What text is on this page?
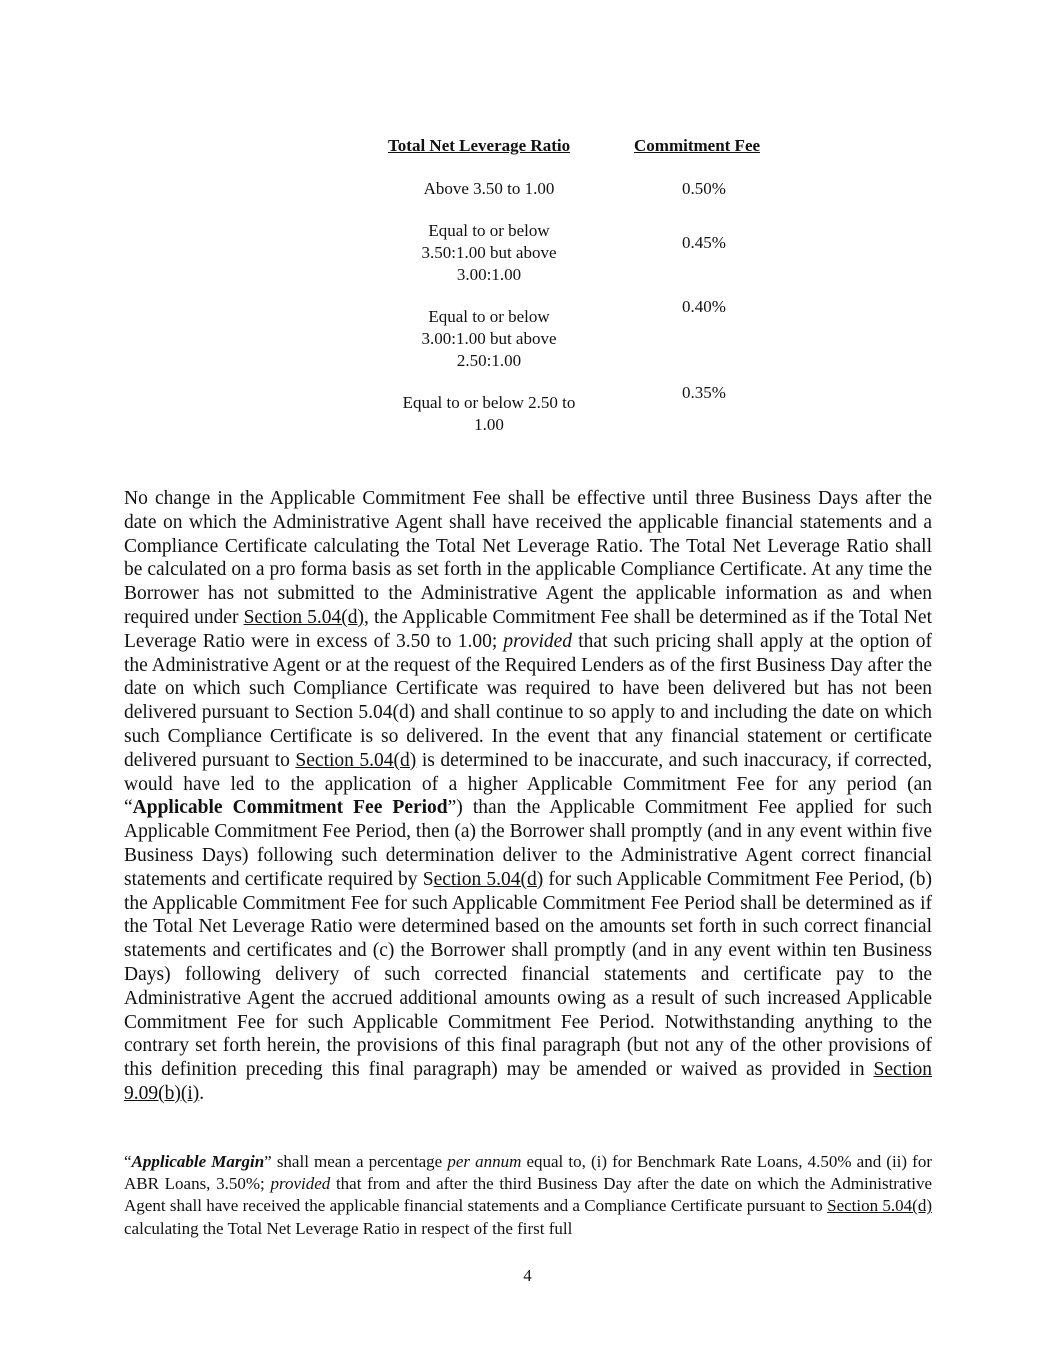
Total Net Leverage Ratio	Commitment Fee
Above 3.50 to 1.00	0.50%
Equal to or below
3.50:1.00 but above
3.00:1.00
0.45%
Equal to or below
3.00:1.00 but above
2.50:1.00
0.40%
Equal to or below 2.50 to
1.00
0.35%

No change in the Applicable Commitment Fee shall be effective until three Business Days after the date on which the Administrative Agent shall have received the applicable financial statements and a Compliance Certificate calculating the Total Net Leverage Ratio. The Total Net Leverage Ratio shall be calculated on a pro forma basis as set forth in the applicable Compliance Certificate. At any time the Borrower has not submitted to the Administrative Agent the applicable information as and when required under Section 5.04(d), the Applicable Commitment Fee shall be determined as if the Total Net Leverage Ratio were in excess of 3.50 to 1.00; provided that such pricing shall apply at the option of the Administrative Agent or at the request of the Required Lenders as of the first Business Day after the date on which such Compliance Certificate was required to have been delivered but has not been delivered pursuant to Section 5.04(d) and shall continue to so apply to and including the date on which such Compliance Certificate is so delivered. In the event that any financial statement or certificate delivered pursuant to Section 5.04(d) is determined to be inaccurate, and such inaccuracy, if corrected, would have led to the application of a higher Applicable Commitment Fee for any period (an “Applicable Commitment Fee Period”) than the Applicable Commitment Fee applied for such Applicable Commitment Fee Period, then (a) the Borrower shall promptly (and in any event within five Business Days) following such determination deliver to the Administrative Agent correct financial statements and certificate required by Section 5.04(d) for such Applicable Commitment Fee Period, (b) the Applicable Commitment Fee for such Applicable Commitment Fee Period shall be determined as if the Total Net Leverage Ratio were determined based on the amounts set forth in such correct financial statements and certificates and (c) the Borrower shall promptly (and in any event within ten Business Days) following delivery of such corrected financial statements and certificate pay to the Administrative Agent the accrued additional amounts owing as a result of such increased Applicable Commitment Fee for such Applicable Commitment Fee Period. Notwithstanding anything to the contrary set forth herein, the provisions of this final paragraph (but not any of the other provisions of this definition preceding this final paragraph) may be amended or waived as provided in Section 9.09(b)(i).

“Applicable Margin” shall mean a percentage per annum equal to, (i) for Benchmark Rate Loans, 4.50% and (ii) for ABR Loans, 3.50%; provided that from and after the third Business Day after the date on which the Administrative Agent shall have received the applicable financial statements and a Compliance Certificate pursuant to Section 5.04(d) calculating the Total Net Leverage Ratio in respect of the first full

4
